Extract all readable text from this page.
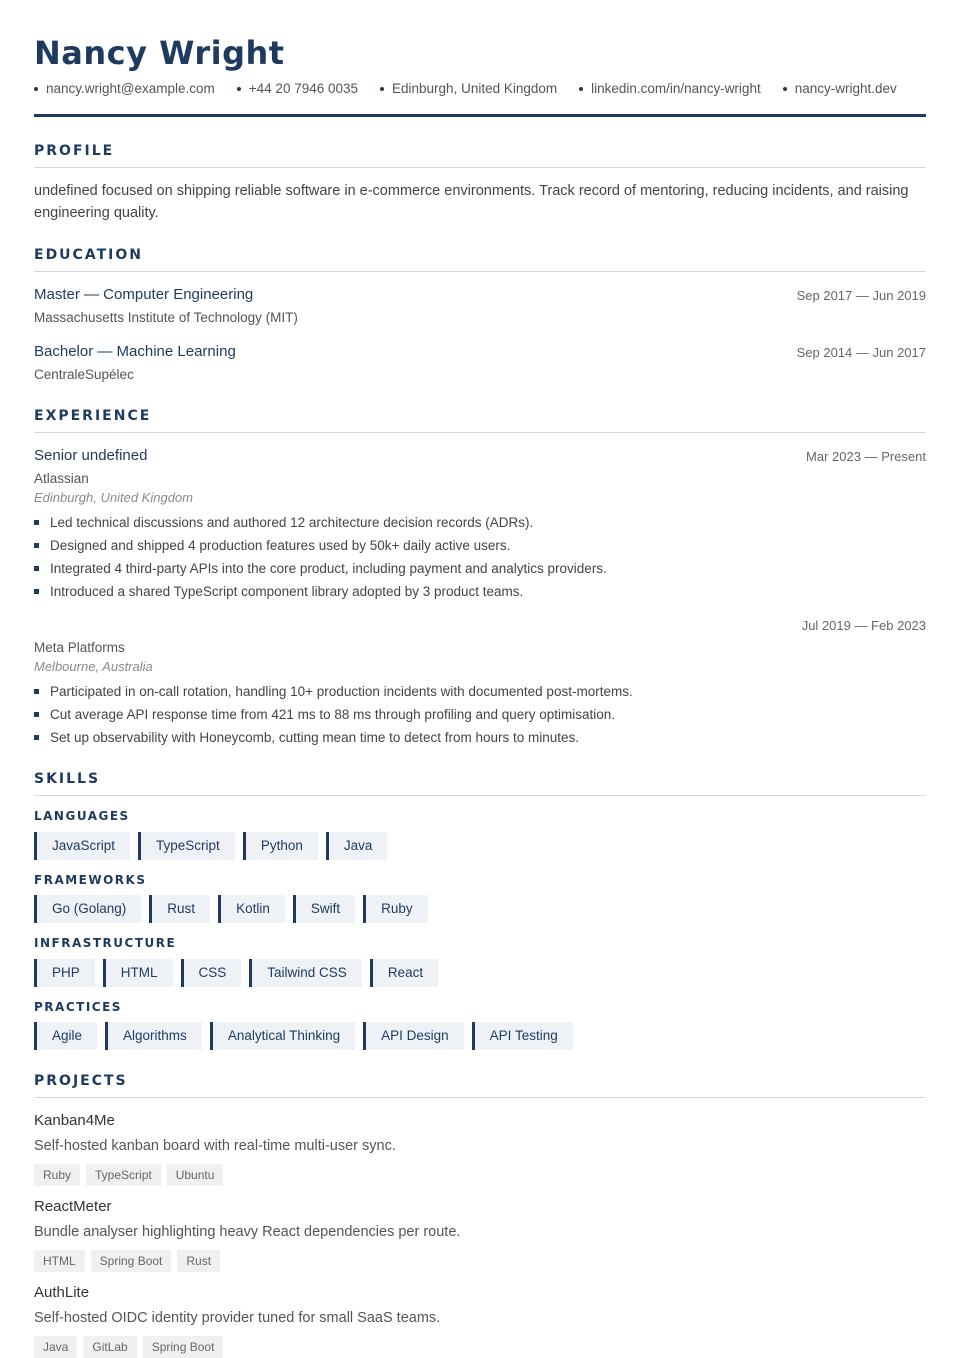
Nancy Wright
nancy.wright@example.com	+44 20 7946 0035	Edinburgh, United Kingdom	linkedin.com/in/nancy-wright	nancy-wright.dev
PROFILE
undefined focused on shipping reliable software in e-commerce environments. Track record of mentoring, reducing incidents, and raising engineering quality.
EDUCATION
Master — Computer Engineering	Sep 2017 — Jun 2019
Massachusetts Institute of Technology (MIT)
Bachelor — Machine Learning	Sep 2014 — Jun 2017
CentraleSupélec
EXPERIENCE
Senior undefined	Mar 2023 — Present
Atlassian
Edinburgh, United Kingdom
Led technical discussions and authored 12 architecture decision records (ADRs).
Designed and shipped 4 production features used by 50k+ daily active users.
Integrated 4 third-party APIs into the core product, including payment and analytics providers.
Introduced a shared TypeScript component library adopted by 3 product teams.
Jul 2019 — Feb 2023
Meta Platforms
Melbourne, Australia
Participated in on-call rotation, handling 10+ production incidents with documented post-mortems.
Cut average API response time from 421 ms to 88 ms through profiling and query optimisation.
Set up observability with Honeycomb, cutting mean time to detect from hours to minutes.
SKILLS
LANGUAGES
JavaScript	TypeScript	Python	Java
FRAMEWORKS
Go (Golang)	Rust	Kotlin	Swift	Ruby
INFRASTRUCTURE
PHP	HTML	CSS	Tailwind CSS	React
PRACTICES
Agile	Algorithms	Analytical Thinking	API Design	API Testing
PROJECTS
Kanban4Me
Self-hosted kanban board with real-time multi-user sync.
Ruby	TypeScript	Ubuntu
ReactMeter
Bundle analyser highlighting heavy React dependencies per route.
HTML	Spring Boot	Rust
AuthLite
Self-hosted OIDC identity provider tuned for small SaaS teams.
Java	GitLab	Spring Boot
